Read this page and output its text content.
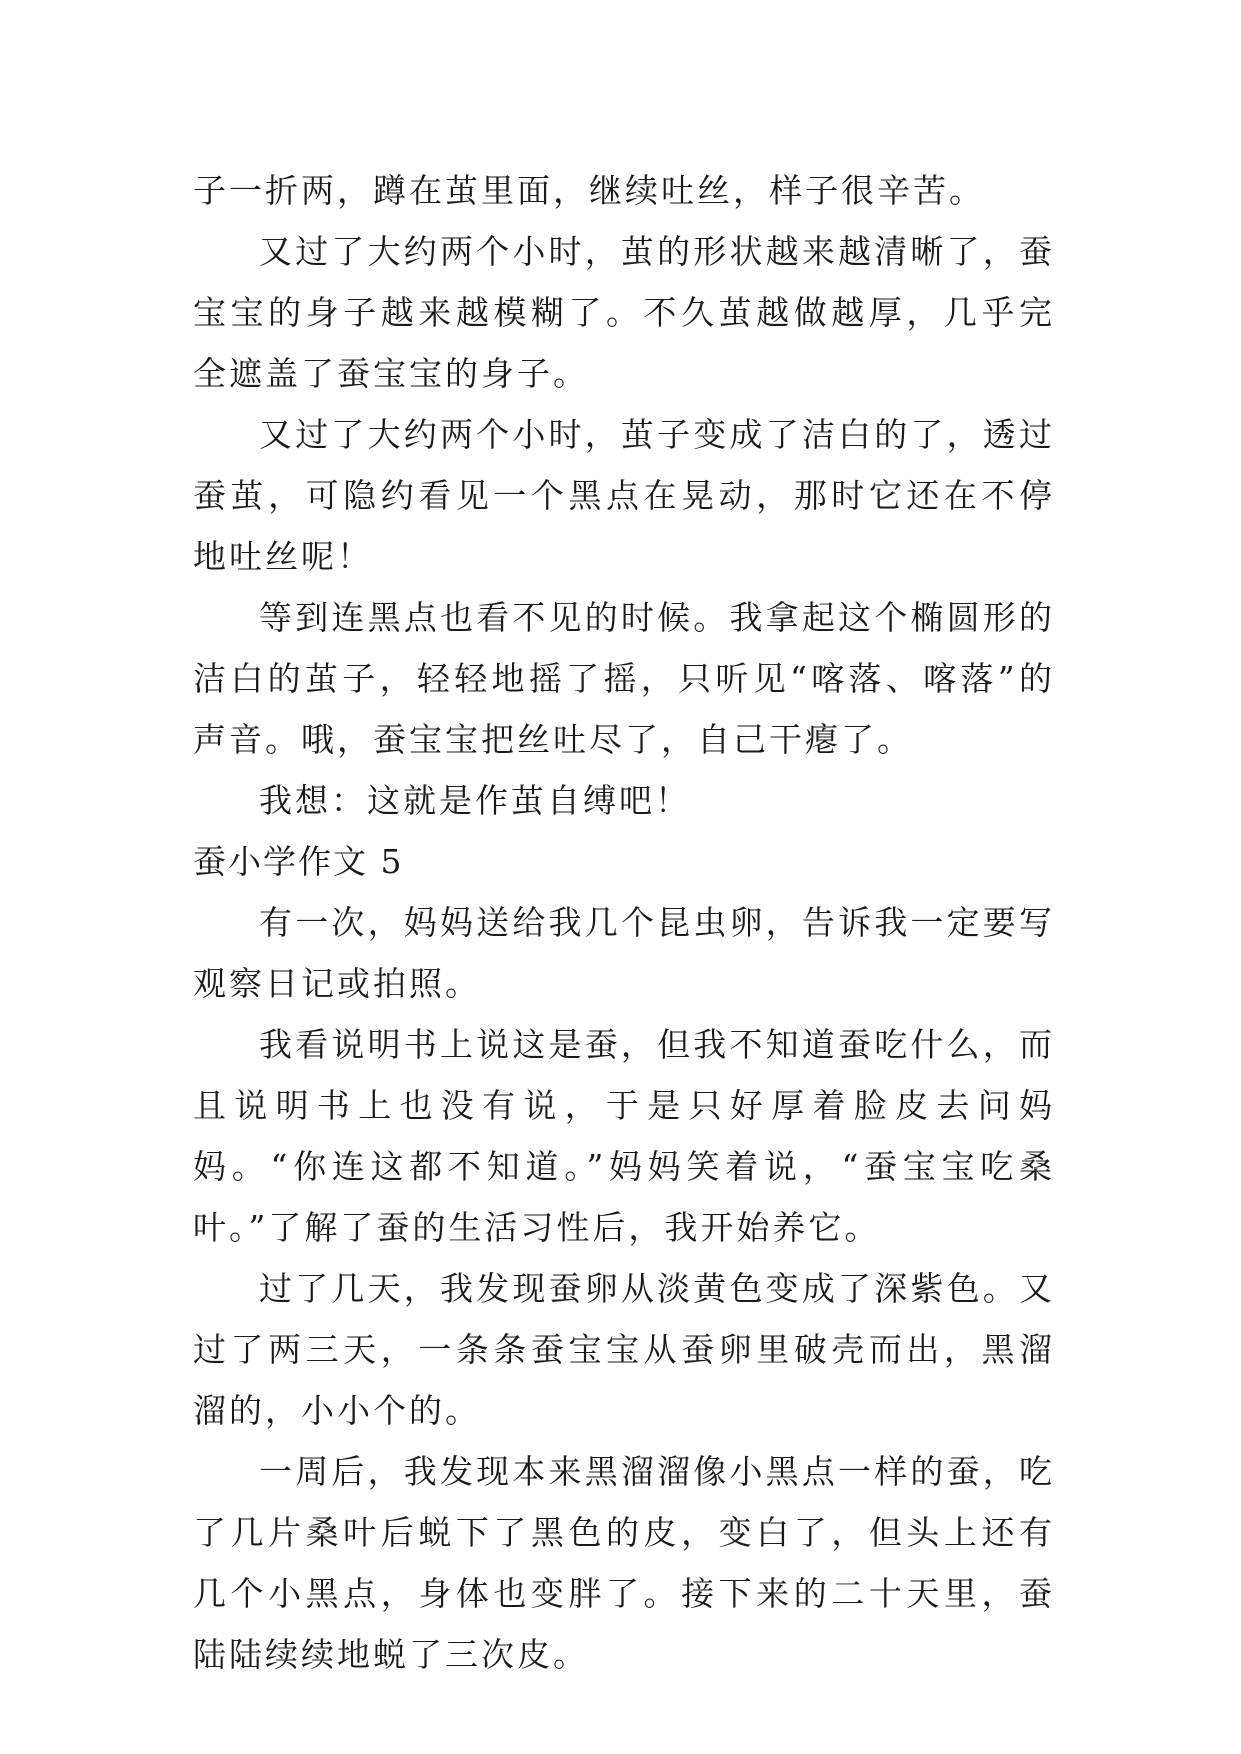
子一折两，蹲在茧里面，继续吐丝，样子很辛苦。

又过了大约两个小时，茧的形状越来越清晰了，蚕宝宝的身子越来越模糊了。不久茧越做越厚，几乎完全遮盖了蚕宝宝的身子。

又过了大约两个小时，茧子变成了洁白的了，透过蚕茧，可隐约看见一个黑点在晃动，那时它还在不停地吐丝呢！

等到连黑点也看不见的时候。我拿起这个椭圆形的洁白的茧子，轻轻地摇了摇，只听见“喀落、喀落”的声音。哦，蚕宝宝把丝吐尽了，自己干瘪了。

我想：这就是作茧自缚吧！

蚕小学作文 5

有一次，妈妈送给我几个昆虫卵，告诉我一定要写观察日记或拍照。

我看说明书上说这是蚕，但我不知道蚕吃什么，而且说明书上也没有说，于是只好厚着脸皮去问妈妈。“你连这都不知道。”妈妈笑着说，“蚕宝宝吃桑叶。”了解了蚕的生活习性后，我开始养它。

过了几天，我发现蚕卵从淡黄色变成了深紫色。又过了两三天，一条条蚕宝宝从蚕卵里破壳而出，黑溜溜的，小小个的。

一周后，我发现本来黑溜溜像小黑点一样的蚕，吃了几片桑叶后蜕下了黑色的皮，变白了，但头上还有几个小黑点，身体也变胖了。接下来的二十天里，蚕陆陆续续地蜕了三次皮。
